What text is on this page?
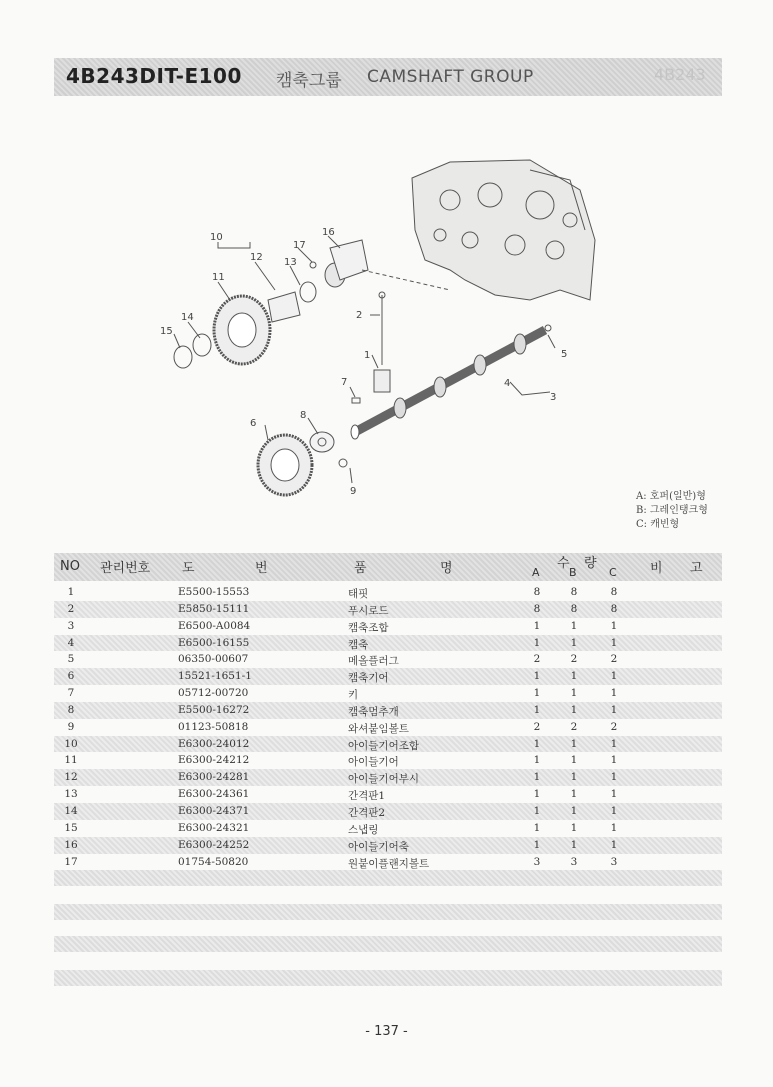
4B243DIT-E100 캠축그룹 CAMSHAFT GROUP	4B243
10
12
17
16
13
11
14
15
2
1
7
5
4
3
8
6
9	A: 호퍼(일반)형
B: 그레인탱크형
C: 캐빈형
NO 관리번호 도	번	품	명	수 량
A	B	C	비 고
1	E5500-15553	태핏	8	8	8
2	E5850-15111	푸시로드	8	8	8
3	E6500-A0084	캠축조합	1	1	1
4	E6500-16155	캠축	1	1	1
5	06350-00607	메올플러그	2	2	2
6	15521-1651-1	캠축기어	1	1	1
7	05712-00720	키	1	1	1
8	E5500-16272	캠축멈추개	1	1	1
9	01123-50818	와셔붙임볼트	2	2	2
10	E6300-24012	아이들기어조합	1	1	1
11	E6300-24212	아이들기어	1	1	1
12	E6300-24281	아이들기어부시	1	1	1
13	E6300-24361	간격판1	1	1	1
14	E6300-24371	간격판2	1	1	1
15	E6300-24321	스냅링	1	1	1
16	E6300-24252	아이들기어축	1	1	1
17	01754-50820	원붙이플랜지볼트	3	3	3
- 137 -
